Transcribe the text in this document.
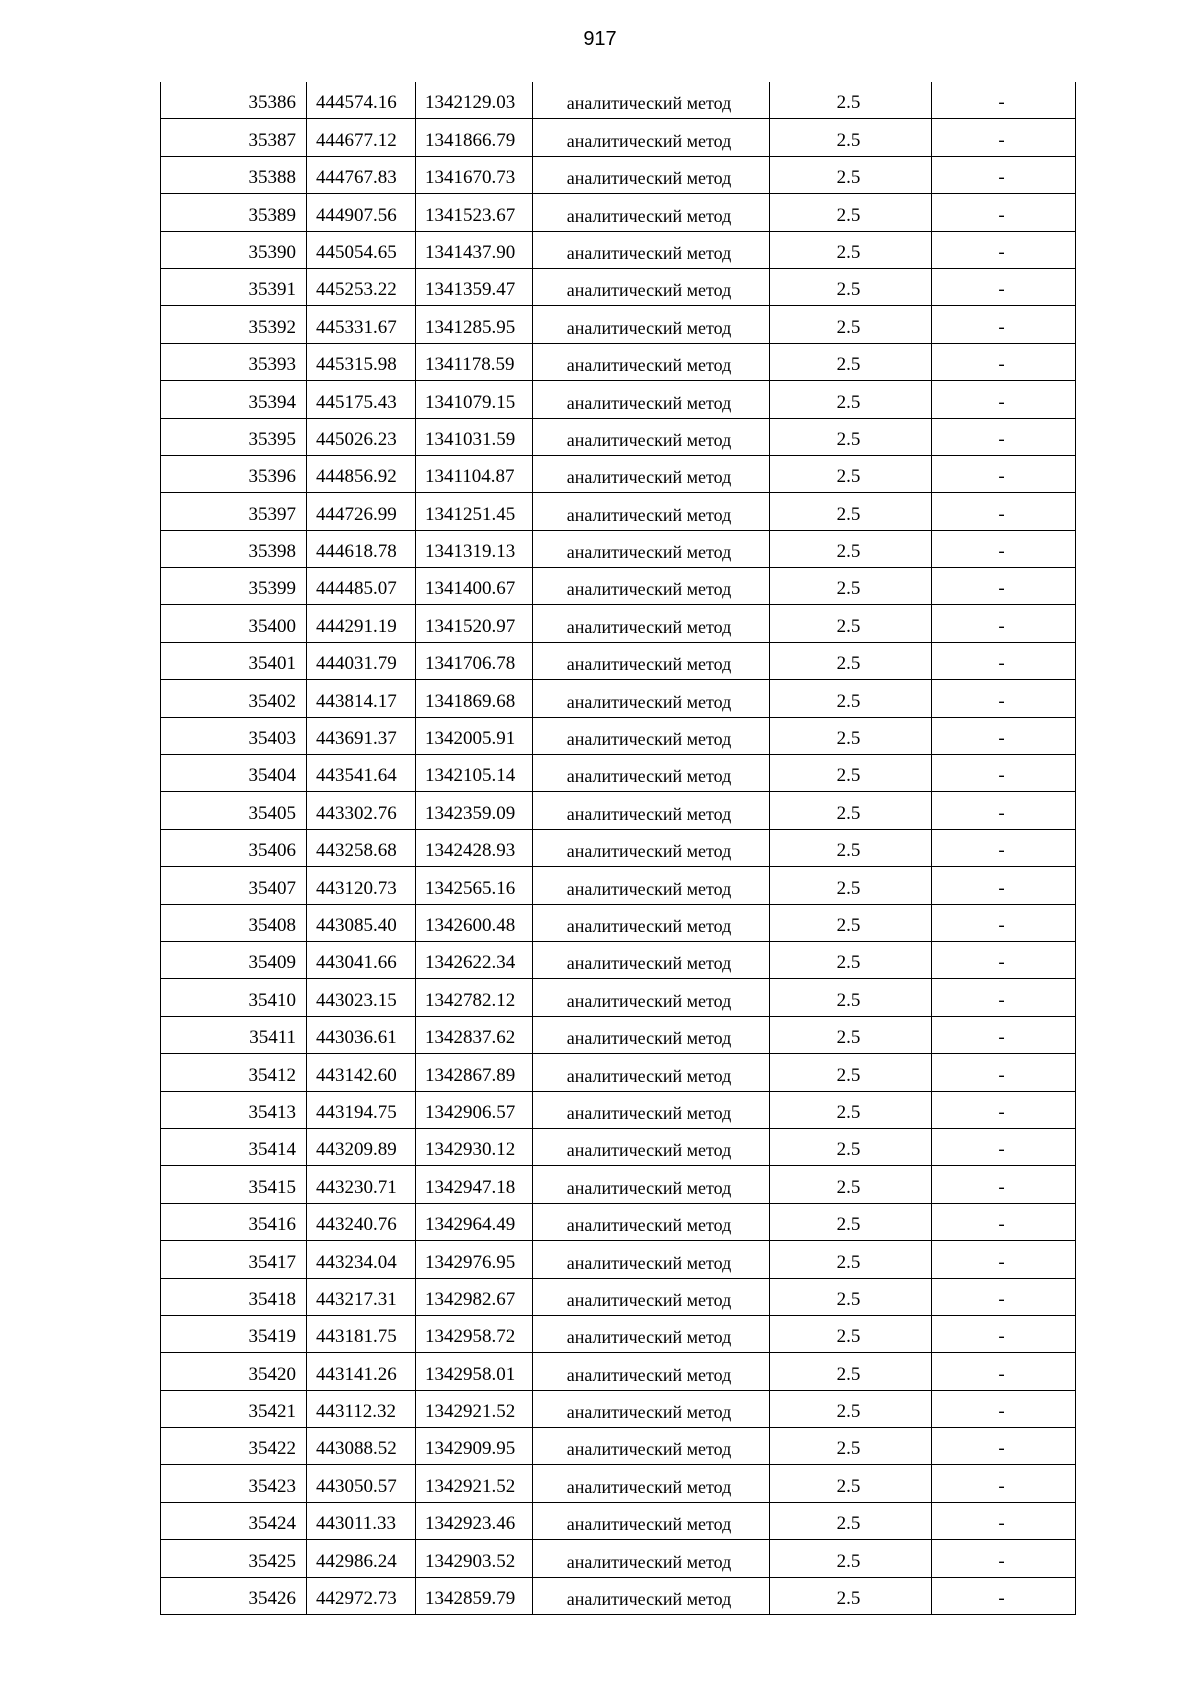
917
35386	444574.16	1342129.03	аналитический метод	2.5	-
35387	444677.12	1341866.79	аналитический метод	2.5	-
35388	444767.83	1341670.73	аналитический метод	2.5	-
35389	444907.56	1341523.67	аналитический метод	2.5	-
35390	445054.65	1341437.90	аналитический метод	2.5	-
35391	445253.22	1341359.47	аналитический метод	2.5	-
35392	445331.67	1341285.95	аналитический метод	2.5	-
35393	445315.98	1341178.59	аналитический метод	2.5	-
35394	445175.43	1341079.15	аналитический метод	2.5	-
35395	445026.23	1341031.59	аналитический метод	2.5	-
35396	444856.92	1341104.87	аналитический метод	2.5	-
35397	444726.99	1341251.45	аналитический метод	2.5	-
35398	444618.78	1341319.13	аналитический метод	2.5	-
35399	444485.07	1341400.67	аналитический метод	2.5	-
35400	444291.19	1341520.97	аналитический метод	2.5	-
35401	444031.79	1341706.78	аналитический метод	2.5	-
35402	443814.17	1341869.68	аналитический метод	2.5	-
35403	443691.37	1342005.91	аналитический метод	2.5	-
35404	443541.64	1342105.14	аналитический метод	2.5	-
35405	443302.76	1342359.09	аналитический метод	2.5	-
35406	443258.68	1342428.93	аналитический метод	2.5	-
35407	443120.73	1342565.16	аналитический метод	2.5	-
35408	443085.40	1342600.48	аналитический метод	2.5	-
35409	443041.66	1342622.34	аналитический метод	2.5	-
35410	443023.15	1342782.12	аналитический метод	2.5	-
35411	443036.61	1342837.62	аналитический метод	2.5	-
35412	443142.60	1342867.89	аналитический метод	2.5	-
35413	443194.75	1342906.57	аналитический метод	2.5	-
35414	443209.89	1342930.12	аналитический метод	2.5	-
35415	443230.71	1342947.18	аналитический метод	2.5	-
35416	443240.76	1342964.49	аналитический метод	2.5	-
35417	443234.04	1342976.95	аналитический метод	2.5	-
35418	443217.31	1342982.67	аналитический метод	2.5	-
35419	443181.75	1342958.72	аналитический метод	2.5	-
35420	443141.26	1342958.01	аналитический метод	2.5	-
35421	443112.32	1342921.52	аналитический метод	2.5	-
35422	443088.52	1342909.95	аналитический метод	2.5	-
35423	443050.57	1342921.52	аналитический метод	2.5	-
35424	443011.33	1342923.46	аналитический метод	2.5	-
35425	442986.24	1342903.52	аналитический метод	2.5	-
35426	442972.73	1342859.79	аналитический метод	2.5	-
